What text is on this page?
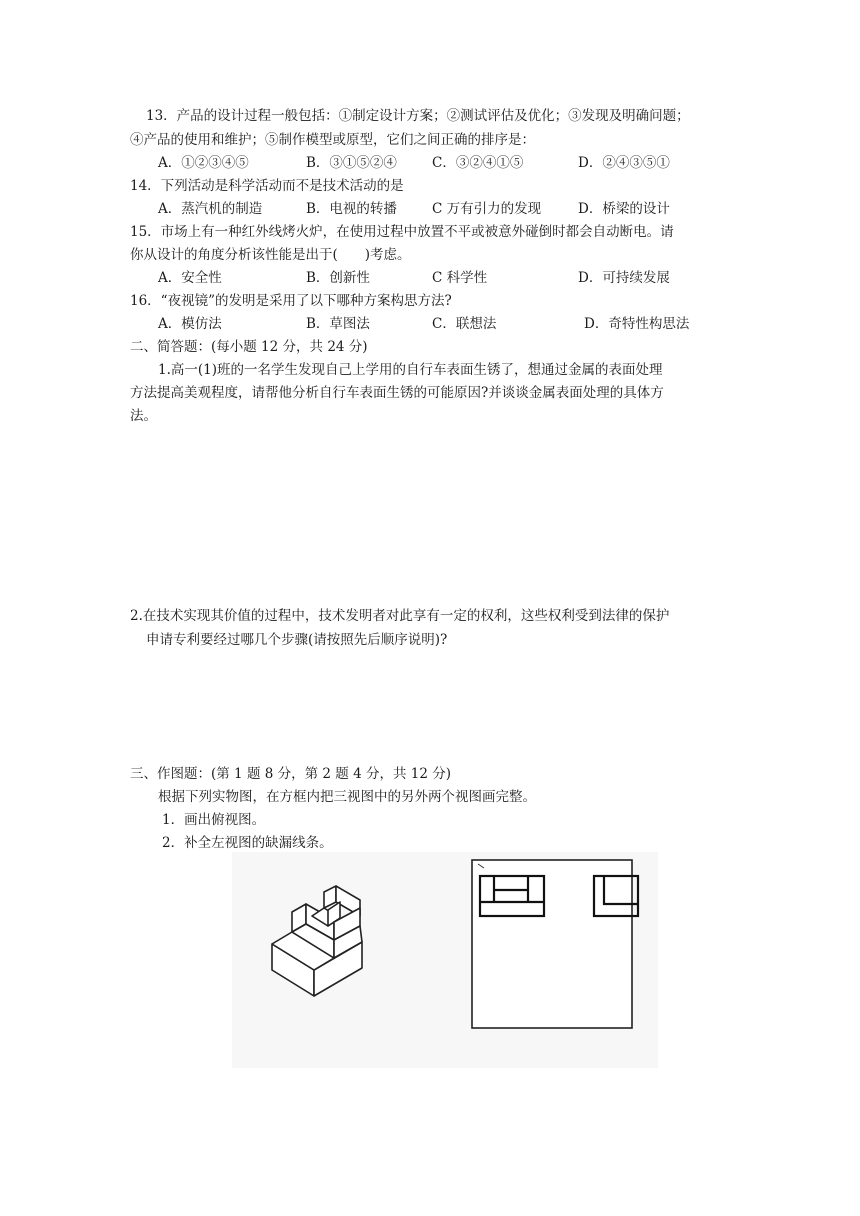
13．产品的设计过程一般包括：①制定设计方案；②测试评估及优化；③发现及明确问题；
④产品的使用和维护；⑤制作模型或原型，它们之间正确的排序是：
A．①②③④⑤	B．③①⑤②④	C．③②④①⑤	D．②④③⑤①
14．下列活动是科学活动而不是技术活动的是
A．蒸汽机的制造	B．电视的转播	C 万有引力的发现	D．桥梁的设计
15．市场上有一种红外线烤火炉，在使用过程中放置不平或被意外碰倒时都会自动断电。请
你从设计的角度分析该性能是出于(　　)考虑。
A．安全性	B．创新性	C 科学性	D．可持续发展
16．“夜视镜”的发明是采用了以下哪种方案构思方法?
A．模仿法	B．草图法	C．联想法	D．奇特性构思法
二、简答题：(每小题 12 分，共 24 分)
1.高一(1)班的一名学生发现自己上学用的自行车表面生锈了，想通过金属的表面处理
方法提高美观程度，请帮他分析自行车表面生锈的可能原因?并谈谈金属表面处理的具体方
法。
2.在技术实现其价值的过程中，技术发明者对此享有一定的权利，这些权利受到法律的保护
申请专利要经过哪几个步骤(请按照先后顺序说明)?
三、作图题：(第 1 题 8 分，第 2 题 4 分，共 12 分)
根据下列实物图，在方框内把三视图中的另外两个视图画完整。
1．画出俯视图。
2．补全左视图的缺漏线条。
